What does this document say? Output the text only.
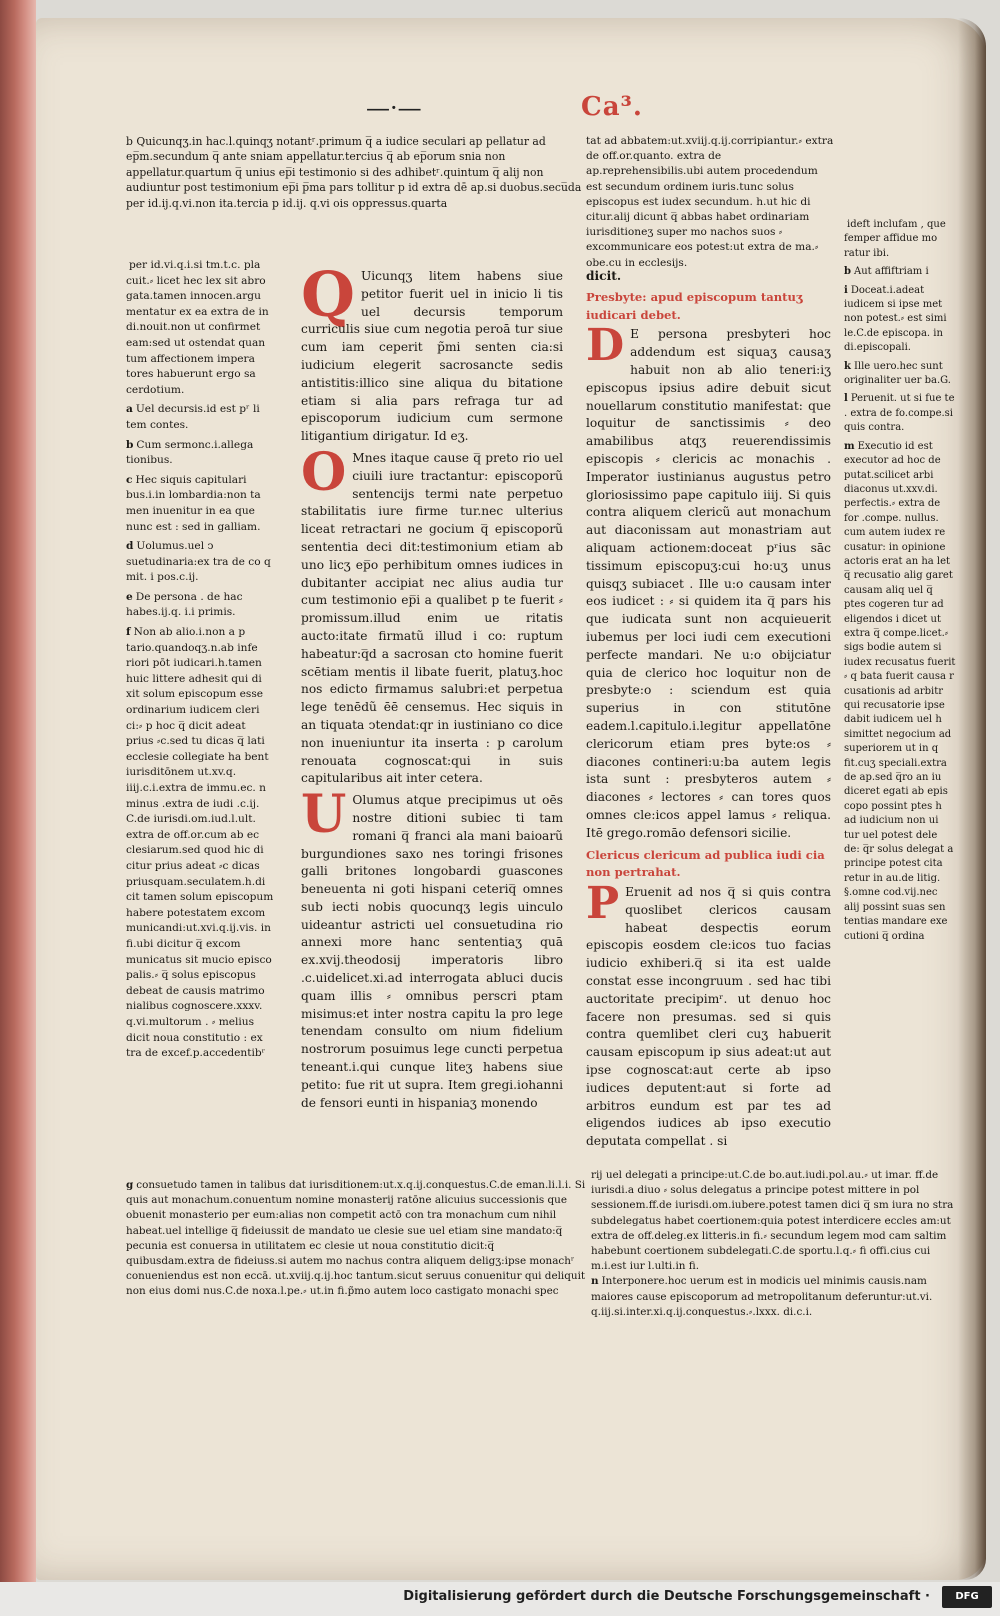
—·—	Ca³.

b Quicunqʒ.in hac.l.quinqʒ notantʳ.primum q̅ a iudice seculari ap pellatur ad ep̅m.secundum q̅ ante sniam appellatur.tercius q̅ ab ep̅orum snia non appellatur.quartum q̅ unius ep̅i testimonio si des adhibetʳ.quintum q̅ alij non audiuntur post testimonium ep̅i p̅ma pars tollitur p id extra dē ap.si duobus.secu̅da per id.ij.q.vi.non ita.tercia p id.ij. q.vi ois oppressus.quarta

per id.vi.q.i.si tm.t.c. pla cuit.⸗ licet hec lex sit abro gata.tamen innocen.argu mentatur ex ea extra de in di.nouit.non ut confirmet eam:sed ut ostendat quan tum affectionem impera tores habuerunt ergo sa cerdotium.

a Uel decursis.id est pʳ li tem contes.

b Cum sermonc.i.allega tionibus.

c Hec siquis capitulari bus.i.in lombardia:non ta men inuenitur in ea que nunc est : sed in galliam.

d Uolumus.uel ↄ suetudinaria:ex tra de co q mit. i pos.c.ij.

e De persona . de hac habes.ij.q. i.i primis.

f Non ab alio.i.non a p tario.quandoqʒ.n.ab infe riori pōt iudicari.h.tamen huic littere adhesit qui di xit solum episcopum esse ordinarium iudicem cleri ci:⸗ p hoc q̅ dicit adeat prius ⸗c.sed tu dicas q̅ lati ecclesie collegiate ha bent iurisditōnem ut.xv.q. iiij.c.i.extra de immu.ec. n minus .extra de iudi .c.ij. C.de iurisdi.om.iud.l.ult. extra de off.or.cum ab ec clesiarum.sed quod hic di citur prius adeat ⸗c dicas priusquam.seculatem.h.di cit tamen solum episcopum habere potestatem excom municandi:ut.xvi.q.ij.vis. in fi.ubi dicitur q̅ excom municatus sit mucio episco palis.⸗ q̅ solus episcopus debeat de causis matrimo nialibus cognoscere.xxxv. q.vi.multorum . ⸗ melius dicit noua constitutio : ex tra de excef.p.accedentibʳ

Q Uicunqʒ litem habens siue petitor fuerit uel in inicio li tis uel decursis temporum curriculis siue cum negotia peroā tur siue cum iam ceperit p̃mi senten cia:si iudicium elegerit sacrosancte sedis antistitis:illico sine aliqua du bitatione etiam si alia pars refraga tur ad episcoporum iudicium cum sermone litigantium dirigatur. Id eʒ.

O Mnes itaque cause q̅ preto rio uel ciuili iure tractantur: episcoporũ sentencijs termi nate perpetuo stabilitatis iure firme tur.nec ulterius liceat retractari ne gocium q̅ episcoporũ sententia deci dit:testimonium etiam ab uno licʒ ep̅o perhibitum omnes iudices in dubitanter accipiat nec alius audia tur cum testimonio ep̅i a qualibet p te fuerit ⸗promissum.illud enim ue ritatis aucto:itate firmatũ illud i co: ruptum habeatur:q̅d a sacrosan cto homine fuerit scētiam mentis il libate fuerit, platuʒ.hoc nos edicto firmamus salubri:et perpetua lege tenēdũ ēē censemus. Hec siquis in an tiquata ↄtendat:qr in iustiniano co dice non inueniuntur ita inserta : p carolum renouata cognoscat:qui in suis capitularibus ait inter cetera.

U Olumus atque precipimus ut oēs nostre ditioni subiec ti tam romani q̅ franci ala mani baioarũ burgundiones saxo nes toringi frisones galli britones longobardi guascones beneuenta ni goti hispani ceteriq̅ omnes sub iecti nobis quocunqʒ legis uinculo uideantur astricti uel consuetudina rio annexi more hanc sententiaʒ quā ex.xvij.theodosij imperatoris libro .c.uidelicet.xi.ad interrogata abluci ducis quam illis ⸗ omnibus perscri ptam misimus:et inter nostra capitu la pro lege tenendam consulto om nium fidelium nostrorum posuimus lege cuncti perpetua teneant.i.qui cunque liteʒ habens siue petito: fue rit ut supra. Item gregi.iohanni de fensori eunti in hispaniaʒ monendo

tat ad abbatem:ut.xviij.q.ij.corripiantur.⸗ extra de off.or.quanto. extra de ap.reprehensibilis.ubi autem procedendum est secundum ordinem iuris.tunc solus episcopus est iudex secundum. h.ut hic di citur.alij dicunt q̅ abbas habet ordinariam iurisditioneʒ super mo nachos suos ⸗ excommunicare eos potest:ut extra de ma.⸗ obe.cu in ecclesijs.

dicit.
Presbyte: apud episcopum tantuʒ iudicari debet.

D E persona presbyteri hoc addendum est siquaʒ causaʒ habuit non ab alio teneri:iʒ episcopus ipsius adire debuit sicut nouellarum constitutio manifestat: que loquitur de sanctissimis ⸗ deo amabilibus atqʒ reuerendissimis episcopis ⸗ clericis ac monachis . Imperator iustinianus augustus petro gloriosissimo pape capitulo iiij. Si quis contra aliquem clericũ aut monachum aut diaconissam aut monastriam aut aliquam actionem:doceat pʳius sāc tissimum episcopuʒ:cui ho:uʒ unus quisqʒ subiacet . Ille u:o causam inter eos iudicet : ⸗ si quidem ita q̅ pars his que iudicata sunt non acquieuerit iubemus per loci iudi cem executioni perfecte mandari. Ne u:o obijciatur quia de clerico hoc loquitur non de presbyte:o : sciendum est quia superius in con stitutōne eadem.l.capitulo.i.legitur appellatōne clericorum etiam pres byte:os ⸗ diacones contineri:u:ba autem legis ista sunt : presbyteros autem ⸗ diacones ⸗ lectores ⸗ can tores quos omnes cle:icos appel lamus ⸗ reliqua. Itē grego.romāo defensori sicilie.

Clericus clericum ad publica iudi cia non pertrahat.

P Eruenit ad nos q̅ si quis contra quoslibet clericos causam habeat despectis eorum episcopis eosdem cle:icos tuo facias iudicio exhiberi.q̅ si ita est ualde constat esse incongruum . sed hac tibi auctoritate precipimʳ. ut denuo hoc facere non presumas. sed si quis contra quemlibet cleri cuʒ habuerit causam episcopum ip sius adeat:ut aut ipse cognoscat:aut certe ab ipso iudices deputent:aut si forte ad arbitros eundum est par tes ad eligendos iudices ab ipso executio deputata compellat . si

ideft inclufam , que femper affidue mo ratur ibi.

b Aut affiftriam i

i Doceat.i.adeat iudicem si ipse met non potest.⸗ est simi le.C.de episcopa. in di.episcopali.

k Ille uero.hec sunt originaliter uer ba.G.

l Peruenit. ut si fue te . extra de fo.compe.si quis contra.

m Executio id est executor ad hoc de putat.scilicet arbi diaconus ut.xxv.di. perfectis.⸗ extra de for .compe. nullus. cum autem iudex re cusatur: in opinione actoris erat an ha let q̅ recusatio alig garet causam aliq uel q̅ ptes cogeren tur ad eligendos i dicet ut extra q̅ compe.licet.⸗ sigs bodie autem si iudex recusatus fuerit ⸗ q bata fuerit causa r cusationis ad arbitr qui recusatorie ipse dabit iudicem uel h simittet negocium ad superiorem ut in q fit.cuʒ speciali.extra de ap.sed q̅ro an iu diceret egati ab epis copo possint ptes h ad iudicium non ui tur uel potest dele de: q̅r solus delegat a principe potest cita retur in au.de litig. §.omne cod.vij.nec alij possint suas sen tentias mandare exe cutioni q̅ ordina

g consuetudo tamen in talibus dat iurisditionem:ut.x.q.ij.conquestus.C.de eman.li.l.i. Si quis aut monachum.conuentum nomine monasterij ratōne alicuius successionis que obuenit monasterio per eum:alias non competit actō con tra monachum cum nihil habeat.uel intellige q̅ fideiussit de mandato ue clesie sue uel etiam sine mandato:q̅ pecunia est conuersa in utilitatem ec clesie ut noua constitutio dicit:q̅ quibusdam.extra de fideiuss.si autem mo nachus contra aliquem deligʒ:ipse monachʳ conueniendus est non eccā. ut.xviij.q.ij.hoc tantum.sicut seruus conuenitur qui deliquit non eius domi nus.C.de noxa.l.pe.⸗ ut.in fi.p̃mo autem loco castigato monachi spec

rij uel delegati a principe:ut.C.de bo.aut.iudi.pol.au.⸗ ut imar. ff.de iurisdi.a diuo ⸗ solus delegatus a principe potest mittere in pol sessionem.ff.de iurisdi.om.iubere.potest tamen dici q̅ sm iura no stra subdelegatus habet coertionem:quia potest interdicere eccles am:ut extra de off.deleg.ex litteris.in fi.⸗ secundum legem mod cam saltim habebunt coertionem subdelegati.C.de sportu.l.q.⸗ fi offi.cius cui m.i.est iur l.ulti.in fi.

n Interponere.hoc uerum est in modicis uel minimis causis.nam maiores cause episcoporum ad metropolitanum deferuntur:ut.vi. q.iij.si.inter.xi.q.ij.conquestus.⸗.lxxx. di.c.i.

Digitalisierung gefördert durch die Deutsche Forschungsgemeinschaft ·	DFG
